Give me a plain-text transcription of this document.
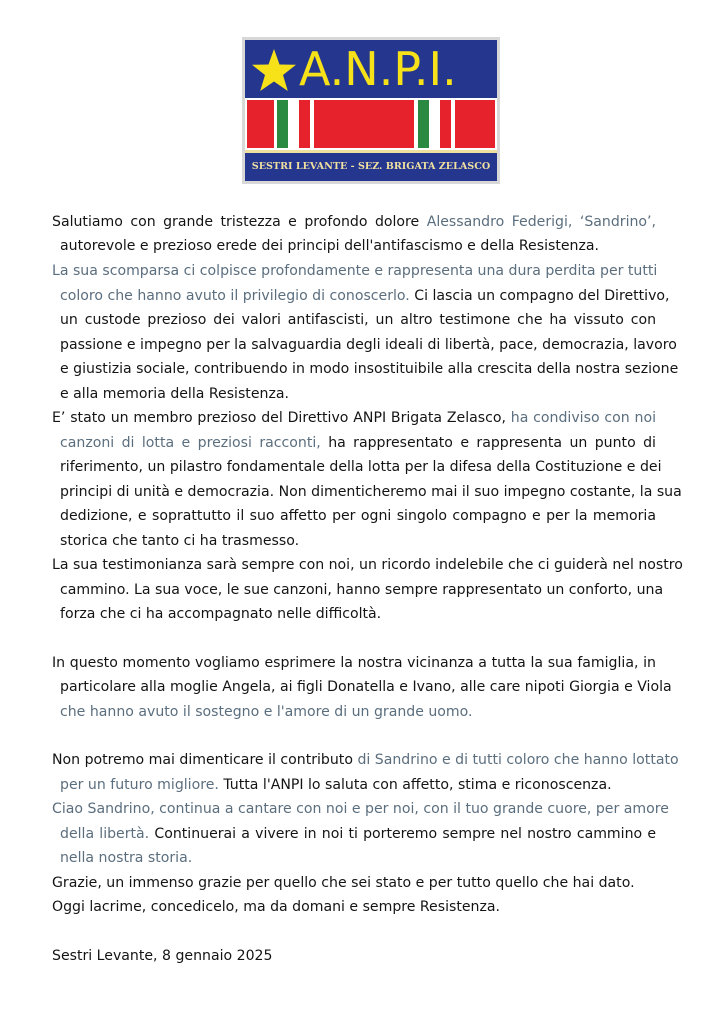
A.N.P.I.
SESTRI LEVANTE - SEZ. BRIGATA ZELASCO
Salutiamo con grande tristezza e profondo dolore Alessandro Federigi, ‘Sandrino’,
autorevole e prezioso erede dei principi dell'antifascismo e della Resistenza.
La sua scomparsa ci colpisce profondamente e rappresenta una dura perdita per tutti
coloro che hanno avuto il privilegio di conoscerlo. Ci lascia un compagno del Direttivo,
un custode prezioso dei valori antifascisti, un altro testimone che ha vissuto con
passione e impegno per la salvaguardia degli ideali di libertà, pace, democrazia, lavoro
e giustizia sociale, contribuendo in modo insostituibile alla crescita della nostra sezione
e alla memoria della Resistenza.
E’ stato un membro prezioso del Direttivo ANPI Brigata Zelasco, ha condiviso con noi
canzoni di lotta e preziosi racconti, ha rappresentato e rappresenta un punto di
riferimento, un pilastro fondamentale della lotta per la difesa della Costituzione e dei
principi di unità e democrazia. Non dimenticheremo mai il suo impegno costante, la sua
dedizione, e soprattutto il suo affetto per ogni singolo compagno e per la memoria
storica che tanto ci ha trasmesso.
La sua testimonianza sarà sempre con noi, un ricordo indelebile che ci guiderà nel nostro
cammino. La sua voce, le sue canzoni, hanno sempre rappresentato un conforto, una
forza che ci ha accompagnato nelle difficoltà.
In questo momento vogliamo esprimere la nostra vicinanza a tutta la sua famiglia, in
particolare alla moglie Angela, ai figli Donatella e Ivano, alle care nipoti Giorgia e Viola
che hanno avuto il sostegno e l'amore di un grande uomo.
Non potremo mai dimenticare il contributo di Sandrino e di tutti coloro che hanno lottato
per un futuro migliore. Tutta l'ANPI lo saluta con affetto, stima e riconoscenza.
Ciao Sandrino, continua a cantare con noi e per noi, con il tuo grande cuore, per amore
della libertà. Continuerai a vivere in noi ti porteremo sempre nel nostro cammino e
nella nostra storia.
Grazie, un immenso grazie per quello che sei stato e per tutto quello che hai dato.
Oggi lacrime, concedicelo, ma da domani e sempre Resistenza.
Sestri Levante, 8 gennaio 2025
